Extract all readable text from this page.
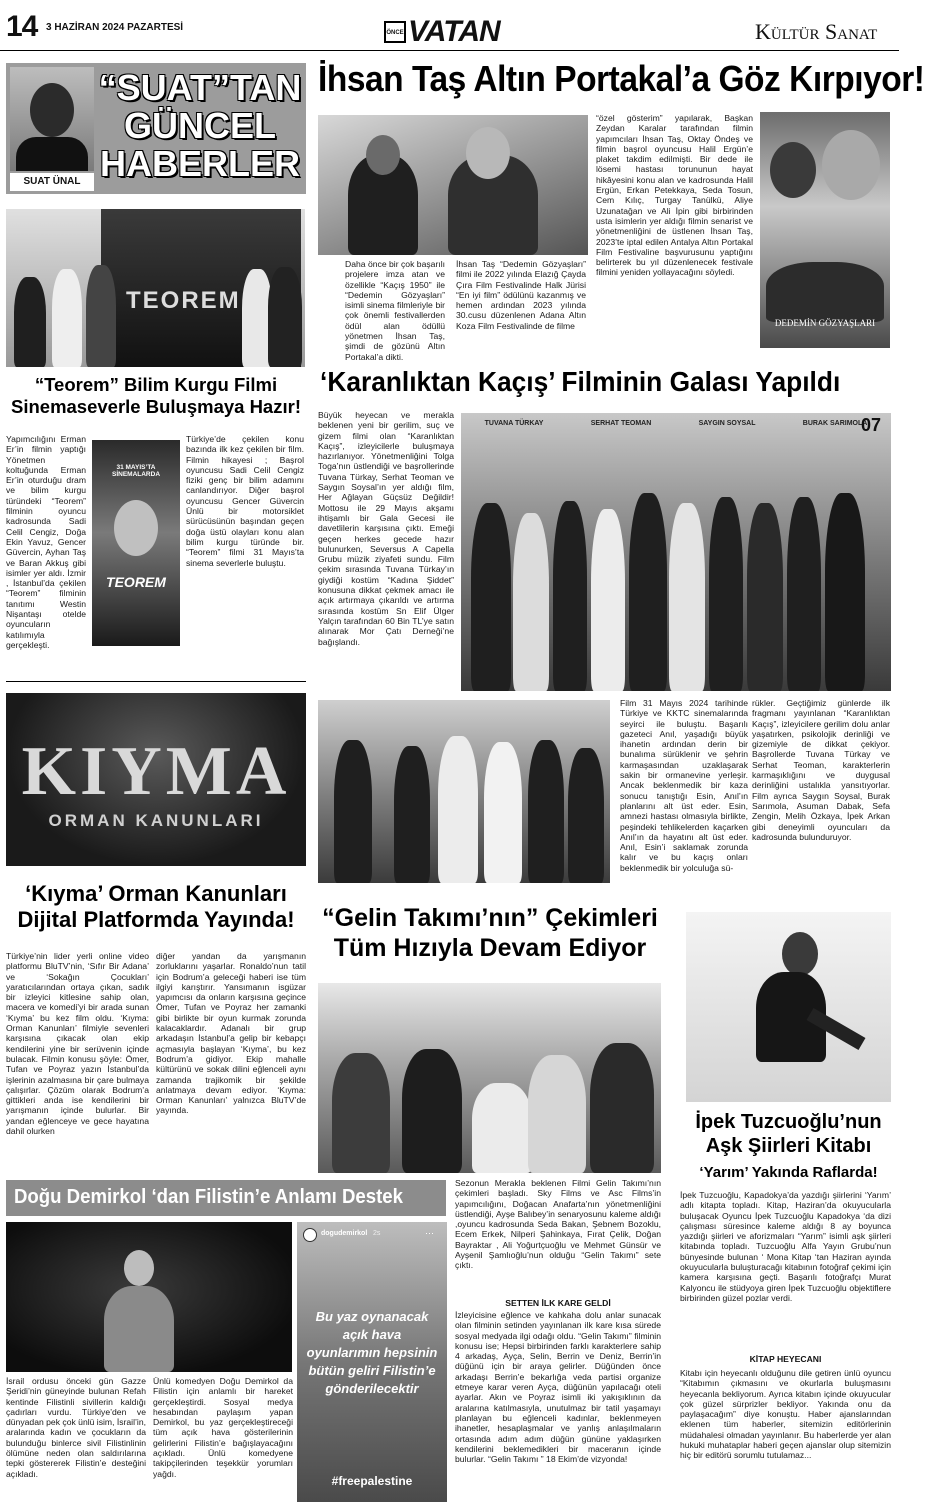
14 3 HAZİRAN 2024 PAZARTESİ	ÖNCE VATAN	Kültür Sanat
SUAT ÜNAL
“SUAT”TAN
GÜNCEL
HABERLER
İhsan Taş Altın Portakal’a Göz Kırpıyor!
Daha önce bir çok başarılı projelere imza atan ve özellikle “Kaçış 1950” ile “Dedemin Gözyaşları” isimli sinema filmleriyle bir çok önemli festivallerden ödül alan ödüllü yönetmen İhsan Taş, şimdi de gözünü Altın Portakal’a dikti.
İhsan Taş “Dedemin Gözyaşları” filmi ile 2022 yılında Elazığ Çayda Çıra Film Festivalinde Halk Jürisi “En iyi film” ödülünü kazanmış ve hemen ardından 2023 yılında 30.cusu düzenlenen Adana Altın Koza Film Festivalinde de filme
“özel gösterim” yapılarak, Başkan Zeydan Karalar tarafından filmin yapımcıları İhsan Taş, Oktay Öndeş ve filmin başrol oyuncusu Halil Ergün’e plaket takdim edilmişti. Bir dede ile lösemi hastası torununun hayat hikâyesini konu alan ve kadrosunda Halil Ergün, Erkan Petekkaya, Seda Tosun, Cem Kılıç, Turgay Tanülkü, Aliye Uzunatağan ve Ali İpin gibi birbirinden usta isimlerin yer aldığı filmin senarist ve yönetmenliğini de üstlenen İhsan Taş, 2023’te iptal edilen Antalya Altın Portakal Film Festivaline başvurusunu yaptığını belirterek bu yıl düzenlenecek festivale filmini yeniden yollayacağını söyledi.
DEDEMİN GÖZYAŞLARI
TEOREM
“Teorem” Bilim Kurgu Filmi
Sinemaseverle Buluşmaya Hazır!
Yapımcılığını Erman Er’in filmin yaptığı Yönetmen koltuğunda Erman Er’in oturduğu dram ve bilim kurgu türündeki “Teorem” filminin oyuncu kadrosunda Sadi Celil Cengiz, Doğa Ekin Yavuz, Gencer Güvercin, Ayhan Taş ve Baran Akkuş gibi isimler yer aldı. İzmir , İstanbul’da çekilen “Teorem” filminin tanıtımı Westin Nişantaşı otelde oyuncuların katılımıyla gerçekleşti.
31 MAYIS’TA SİNEMALARDA
TEOREM
Türkiye’de çekilen konu bazında ilk kez çekilen bir film. Filmin hikayesi ; Başrol oyuncusu Sadi Celil Cengiz fiziki genç bir bilim adamını canlandırıyor. Diğer başrol oyuncusu Gencer Güvercin Ünlü bir motorsiklet sürücüsünün başından geçen doğa üstü olayları konu alan bilim kurgu türünde bir. “Teorem” filmi 31 Mayıs’ta sinema severlerle buluştu.
‘Karanlıktan Kaçış’ Filminin Galası Yapıldı
Büyük heyecan ve merakla beklenen yeni bir gerilim, suç ve gizem filmi olan “Karanlıktan Kaçış”, izleyicilerle buluşmaya hazırlanıyor. Yönetmenliğini Tolga Toga’nın üstlendiği ve başrollerinde Tuvana Türkay, Serhat Teoman ve Saygın Soysal’ın yer aldığı film, Her Ağlayan Güçsüz Değildir! Mottosu ile 29 Mayıs akşamı ihtişamlı bir Gala Gecesi ile davetlilerin karşısına çıktı. Emeği geçen herkes gecede hazır bulunurken, Seversus A Capella Grubu müzik ziyafeti sundu. Film çekim sırasında Tuvana Türkay’ın giydiği kostüm “Kadına Şiddet” konusuna dikkat çekmek amacı ile açık artırmaya çıkarıldı ve artırma sırasında kostüm Sn Elif Ülger Yalçın tarafından 60 Bin TL’ye satın alınarak Mor Çatı Derneği’ne bağışlandı.
TUVANA TÜRKAY	SERHAT TEOMAN	SAYGIN SOYSAL	BURAK SARIMOLA
07
Film 31 Mayıs 2024 tarihinde Türkiye ve KKTC sinemalarında seyirci ile buluştu. Başarılı gazeteci Anıl, yaşadığı büyük ihanetin ardından derin bir bunalıma sürüklenir ve şehrin karmaşasından uzaklaşarak sakin bir ormanevine yerleşir. Ancak beklenmedik bir kaza sonucu tanıştığı Esin, Anıl’ın planlarını alt üst eder. Esin, amnezi hastası olmasıyla birlikte, peşindeki tehlikelerden kaçarken Anıl’ın da hayatını alt üst eder. Anıl, Esin’i saklamak zorunda kalır ve bu kaçış onları beklenmedik bir yolculuğa sü-
rükler. Geçtiğimiz günlerde ilk fragmanı yayınlanan “Karanlıktan Kaçış”, izleyicilere gerilim dolu anlar yaşatırken, psikolojik derinliği ve gizemiyle de dikkat çekiyor. Başrollerde Tuvana Türkay ve Serhat Teoman, karakterlerin karmaşıklığını ve duygusal derinliğini ustalıkla yansıtıyorlar. Film ayrıca Saygın Soysal, Burak Sarımola, Asuman Dabak, Sefa Zengin, Melih Özkaya, İpek Arkan gibi deneyimli oyuncuları da kadrosunda bulunduruyor.
KIYMA
ORMAN KANUNLARI
‘Kıyma’ Orman Kanunları
Dijital Platformda Yayında!
Türkiye’nin lider yerli online video platformu BluTV’nin, ‘Sıfır Bir Adana’ ve ‘Sokağın Çocukları’ yaratıcılarından ortaya çıkan, sadık bir izleyici kitlesine sahip olan, macera ve komedi’yi bir arada sunan ‘Kıyma’ bu kez film oldu. ‘Kıyma: Orman Kanunları’ filmiyle sevenleri karşısına çıkacak olan ekip kendilerini yine bir serüvenin içinde bulacak. Filmin konusu şöyle: Ömer, Tufan ve Poyraz yazın İstanbul’da işlerinin azalmasına bir çare bulmaya çalışırlar. Çözüm olarak Bodrum’a gittikleri anda ise kendilerini bir yarışmanın içinde bulurlar. Bir yandan eğlenceye ve gece hayatına dahil olurken
diğer yandan da yarışmanın zorluklarını yaşarlar. Ronaldo’nun tatil için Bodrum’a geleceği haberi ise tüm ilgiyi karıştırır. Yansımanın isgüzar yapımcısı da onların karşısına geçince Ömer, Tufan ve Poyraz her zamanki gibi birlikte bir oyun kurmak zorunda kalacaklardır. Adanalı bir grup arkadaşın İstanbul’a gelip bir kebapçı açmasıyla başlayan ‘Kıyma’, bu kez Bodrum’a gidiyor. Ekip mahalle kültürünü ve sokak dilini eğlenceli aynı zamanda trajikomik bir şekilde anlatmaya devam ediyor. ‘Kıyma: Orman Kanunları’ yalnızca BluTV’de yayında.
“Gelin Takımı’nın” Çekimleri
Tüm Hızıyla Devam Ediyor
Sezonun Merakla beklenen Filmi Gelin Takımı’nın çekimleri başladı. Sky Films ve Asc Films’in yapımcılığını, Doğacan Anafarta’nın yönetmenliğini üstlendiği, Ayşe Balıbey’in senaryosunu kaleme aldığı ,oyuncu kadrosunda Seda Bakan, Şebnem Bozoklu, Ecem Erkek, Nilperi Şahinkaya, Fırat Çelik, Doğan Bayraktar , Ali Yoğurtçuoğlu ve Mehmet Günsür ve Ayşenil Şamlıoğlu’nun olduğu “Gelin Takımı” sete çıktı.
SETTEN İLK KARE GELDİ
İzleyicisine eğlence ve kahkaha dolu anlar sunacak olan filminin setinden yayınlanan ilk kare kısa sürede sosyal medyada ilgi odağı oldu. “Gelin Takımı” filminin konusu ise; Hepsi birbirinden farklı karakterlere sahip 4 arkadaş, Ayça, Selin, Berrin ve Deniz, Berrin’in düğünü için bir araya gelirler. Düğünden önce arkadaşı Berrin’e bekarlığa veda partisi organize etmeye karar veren Ayça, düğünün yapılacağı oteli ayarlar. Akın ve Poyraz isimli iki yakışıklının da aralarına katılmasıyla, unutulmaz bir tatil yaşamayı planlayan bu eğlenceli kadınlar, beklenmeyen ihanetler, hesaplaşmalar ve yanlış anlaşılmaların ortasında adım adım düğün gününe yaklaşırken kendilerini beklemedikleri bir maceranın içinde bulurlar. “Gelin Takımı ” 18 Ekim’de vizyonda!
İpek Tuzcuoğlu’nun
Aşk Şiirleri Kitabı
‘Yarım’ Yakında Raflarda!
İpek Tuzcuoğlu, Kapadokya’da yazdığı şiirlerini ‘Yarım’ adlı kitapta topladı. Kitap, Haziran’da okuyucularla buluşacak Oyuncu İpek Tuzcuoğlu Kapadokya ‘da dizi çalışması süresince kaleme aldığı 8 ay boyunca yazdığı şiirleri ve aforizmaları “Yarım” isimli aşk şiirleri kitabında topladı. Tuzcuoğlu Alfa Yayın Grubu’nun bünyesinde bulunan ‘ Mona Kitap ‘tan Haziran ayında okuyucularla buluşturacağı kitabının fotoğraf çekimi için kamera karşısına geçti. Başarılı fotoğrafçı Murat Kalyoncu ile stüdyoya giren İpek Tuzcuoğlu objektiflere birbirinden güzel pozlar verdi.
KİTAP HEYECANI
Kitabı için heyecanlı olduğunu dile getiren ünlü oyuncu “Kitabımın çıkmasını ve okurlarla buluşmasını heyecanla bekliyorum. Ayrıca kitabın içinde okuyucular çok güzel sürprizler bekliyor. Yakında onu da paylaşacağım” diye konuştu. Haber ajanslarından eklenen tüm haberler, sitemizin editörlerinin müdahalesi olmadan yayınlanır. Bu haberlerde yer alan hukuki muhataplar haberi geçen ajanslar olup sitemizin hiç bir editörü sorumlu tutulamaz...
Doğu Demirkol ‘dan Filistin’e Anlamı Destek
İsrail ordusu önceki gün Gazze Şeridi’nin güneyinde bulunan Refah kentinde Filistinli sivillerin kaldığı çadırları vurdu. Türkiye’den ve dünyadan pek çok ünlü isim, İsrail’in, aralarında kadın ve çocukların da bulunduğu binlerce sivil Filistinlinin ölümüne neden olan saldırılarına tepki göstererek Filistin’e desteğini açıkladı.
Ünlü komedyen Doğu Demirkol da Filistin için anlamlı bir hareket gerçekleştirdi. Sosyal medya hesabından paylaşım yapan Demirkol, bu yaz gerçekleştireceği tüm açık hava gösterilerinin gelirlerini Filistin’e bağışlayacağını açıkladı. Ünlü komedyene takipçilerinden teşekkür yorumları yağdı.
dogudemirkol 2s	⋯
Bu yaz oynanacak açık hava oyunlarımın hepsinin bütün geliri Filistin’e gönderilecektir
#freepalestine
